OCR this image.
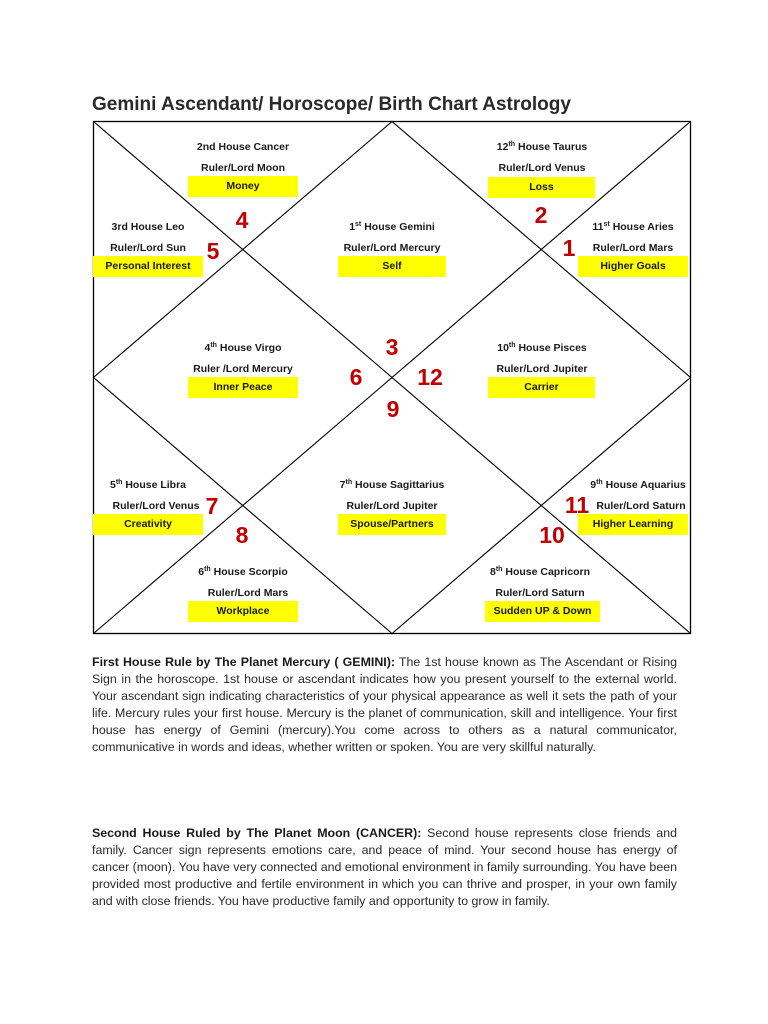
Gemini Ascendant/ Horoscope/ Birth Chart Astrology
2nd House Cancer
Ruler/Lord Moon
Money
12th House Taurus
Ruler/Lord Venus
Loss
3rd House Leo
Ruler/Lord Sun
Personal Interest
1st House Gemini
Ruler/Lord Mercury
Self
11st House Aries
Ruler/Lord Mars
Higher Goals
4th House Virgo
Ruler /Lord Mercury
Inner Peace
10th House Pisces
Ruler/Lord Jupiter
Carrier
5th House Libra
Ruler/Lord Venus
Creativity
7th House Sagittarius
Ruler/Lord Jupiter
Spouse/Partners
9th House Aquarius
Ruler/Lord Saturn
Higher Learning
6th House Scorpio
Ruler/Lord Mars
Workplace
8th House Capricorn
Ruler/Lord Saturn
Sudden UP & Down
4
5
2
1
3
6 12
9
7
8
11
10
First House Rule by The Planet Mercury ( GEMINI): The 1st house known as The Ascendant or Rising Sign in the horoscope. 1st house or ascendant indicates how you present yourself to the external world. Your ascendant sign indicating characteristics of your physical appearance as well it sets the path of your life. Mercury rules your first house. Mercury is the planet of communication, skill and intelligence. Your first house has energy of Gemini (mercury).You come across to others as a natural communicator, communicative in words and ideas, whether written or spoken. You are very skillful naturally.
Second House Ruled by The Planet Moon (CANCER): Second house represents close friends and family. Cancer sign represents emotions care, and peace of mind. Your second house has energy of cancer (moon). You have very connected and emotional environment in family surrounding. You have been provided most productive and fertile environment in which you can thrive and prosper, in your own family and with close friends. You have productive family and opportunity to grow in family.
